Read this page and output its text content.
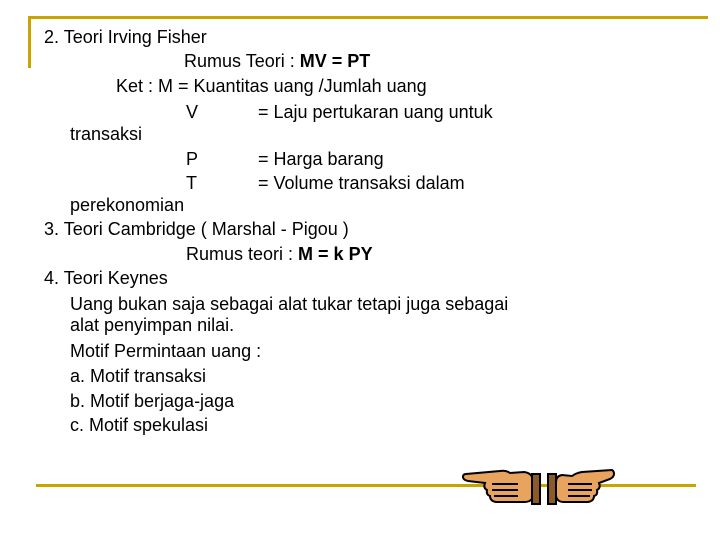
2. Teori Irving Fisher
Rumus Teori : MV = PT
Ket : M = Kuantitas uang /Jumlah uang
V	= Laju pertukaran uang untuk
transaksi
P	= Harga barang
T	= Volume transaksi dalam
perekonomian
3. Teori Cambridge ( Marshal - Pigou )
Rumus teori : M = k PY
4. Teori Keynes
Uang bukan saja sebagai alat tukar tetapi juga sebagai
alat penyimpan nilai.
Motif Permintaan uang :
a. Motif transaksi
b. Motif berjaga-jaga
c. Motif spekulasi
